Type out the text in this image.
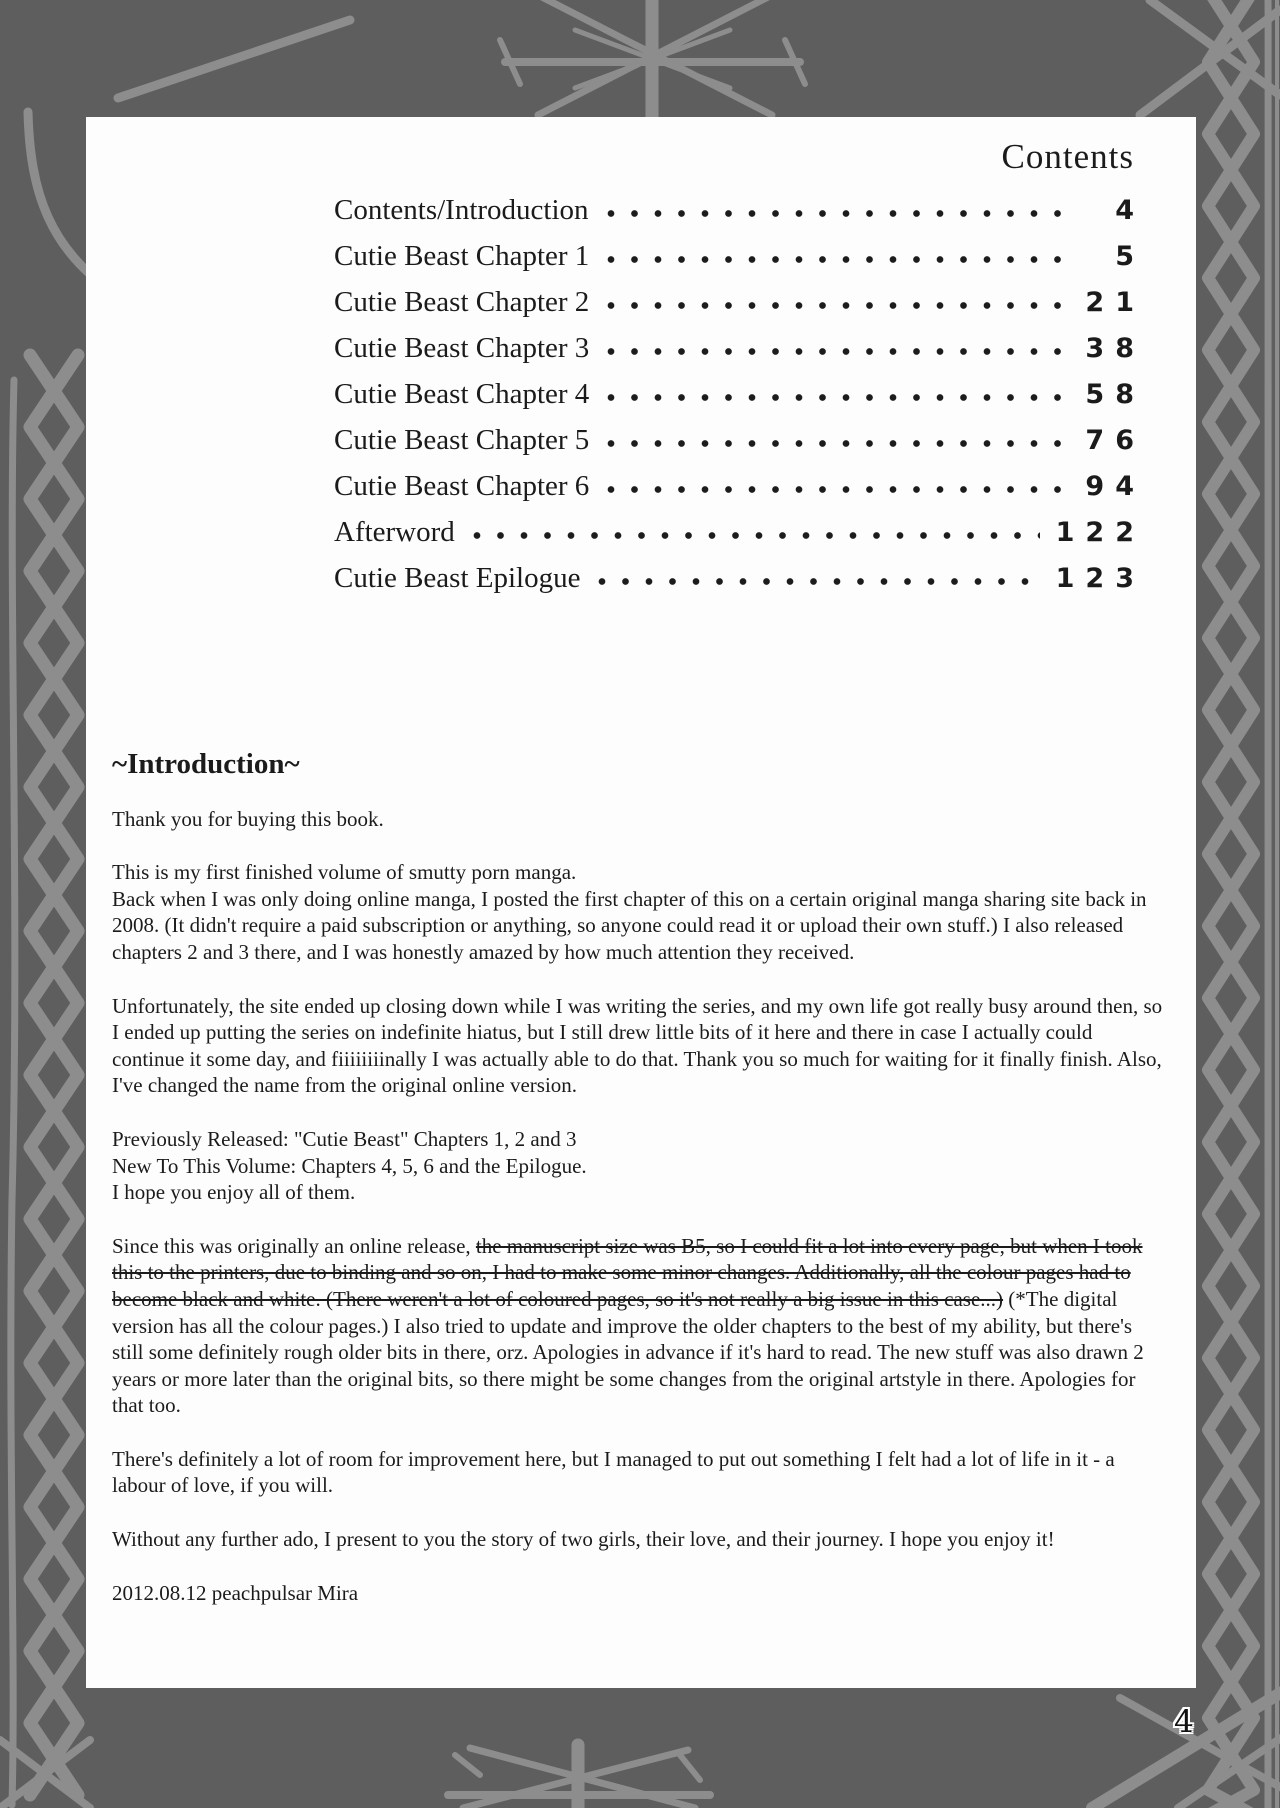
Contents
Contents/Introduction	4
Cutie Beast Chapter 1	5
Cutie Beast Chapter 2	21
Cutie Beast Chapter 3	38
Cutie Beast Chapter 4	58
Cutie Beast Chapter 5	76
Cutie Beast Chapter 6	94
Afterword	122
Cutie Beast Epilogue	123
~Introduction~

Thank you for buying this book.

This is my first finished volume of smutty porn manga.
Back when I was only doing online manga, I posted the first chapter of this on a certain original manga sharing site back in 2008. (It didn't require a paid subscription or anything, so anyone could read it or upload their own stuff.) I also released chapters 2 and 3 there, and I was honestly amazed by how much attention they received.

Unfortunately, the site ended up closing down while I was writing the series, and my own life got really busy around then, so I ended up putting the series on indefinite hiatus, but I still drew little bits of it here and there in case I actually could continue it some day, and fiiiiiiiinally I was actually able to do that. Thank you so much for waiting for it finally finish. Also, I've changed the name from the original online version.

Previously Released: "Cutie Beast" Chapters 1, 2 and 3
New To This Volume: Chapters 4, 5, 6 and the Epilogue.
I hope you enjoy all of them.

Since this was originally an online release, the manuscript size was B5, so I could fit a lot into every page, but when I took this to the printers, due to binding and so on, I had to make some minor changes. Additionally, all the colour pages had to become black and white. (There weren't a lot of coloured pages, so it's not really a big issue in this case...) (*The digital version has all the colour pages.) I also tried to update and improve the older chapters to the best of my ability, but there's still some definitely rough older bits in there, orz. Apologies in advance if it's hard to read. The new stuff was also drawn 2 years or more later than the original bits, so there might be some changes from the original artstyle in there. Apologies for that too.

There's definitely a lot of room for improvement here, but I managed to put out something I felt had a lot of life in it - a labour of love, if you will.

Without any further ado, I present to you the story of two girls, their love, and their journey. I hope you enjoy it!

2012.08.12 peachpulsar Mira

4
